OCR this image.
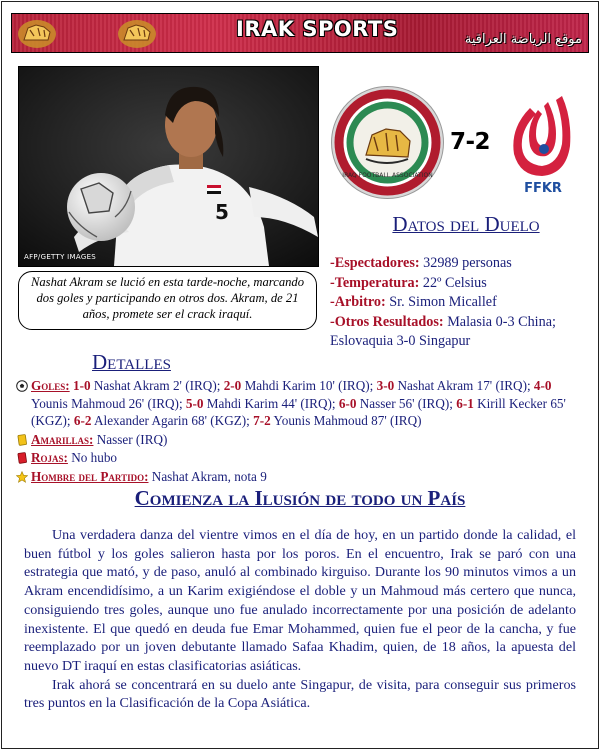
IRAK SPORTS	موقع الرياضة العراقية
5
AFP/GETTY IMAGES
Nashat Akram se lució en esta tarde-noche, marcando dos goles y participando en otros dos. Akram, de 21 años, promete ser el crack iraquí.
IRAQ FOOTBALL ASSOCIATION
7-2
FFKR
Datos del Duelo
-Espectadores: 32989 personas
-Temperatura: 22º Celsius
-Arbitro: Sr. Simon Micallef
-Otros Resultados: Malasia 0-3 China; Eslovaquia 3-0 Singapur
Detalles
Goles: 1-0 Nashat Akram 2' (IRQ); 2-0 Mahdi Karim 10' (IRQ); 3-0 Nashat Akram 17' (IRQ); 4-0 Younis Mahmoud 26' (IRQ); 5-0 Mahdi Karim 44' (IRQ); 6-0 Nasser 56' (IRQ); 6-1 Kirill Kecker 65' (KGZ); 6-2 Alexander Agarin 68' (KGZ); 7-2 Younis Mahmoud 87' (IRQ)
Amarillas: Nasser (IRQ)
Rojas: No hubo
Hombre del Partido: Nashat Akram, nota 9
Comienza la Ilusión de todo un País

Una verdadera danza del vientre vimos en el día de hoy, en un partido donde la calidad, el buen fútbol y los goles salieron hasta por los poros. En el encuentro, Irak se paró con una estrategia que mató, y de paso, anuló al combinado kirguiso. Durante los 90 minutos vimos a un Akram encendidísimo, a un Karim exigiéndose el doble y un Mahmoud más certero que nunca, consiguiendo tres goles, aunque uno fue anulado incorrectamente por una posición de adelanto inexistente. El que quedó en deuda fue Emar Mohammed, quien fue el peor de la cancha, y fue reemplazado por un joven debutante llamado Safaa Khadim, quien, de 18 años, la apuesta del nuevo DT iraquí en estas clasificatorias asiáticas.

Irak ahorá se concentrará en su duelo ante Singapur, de visita, para conseguir sus primeros tres puntos en la Clasificación de la Copa Asiática.
